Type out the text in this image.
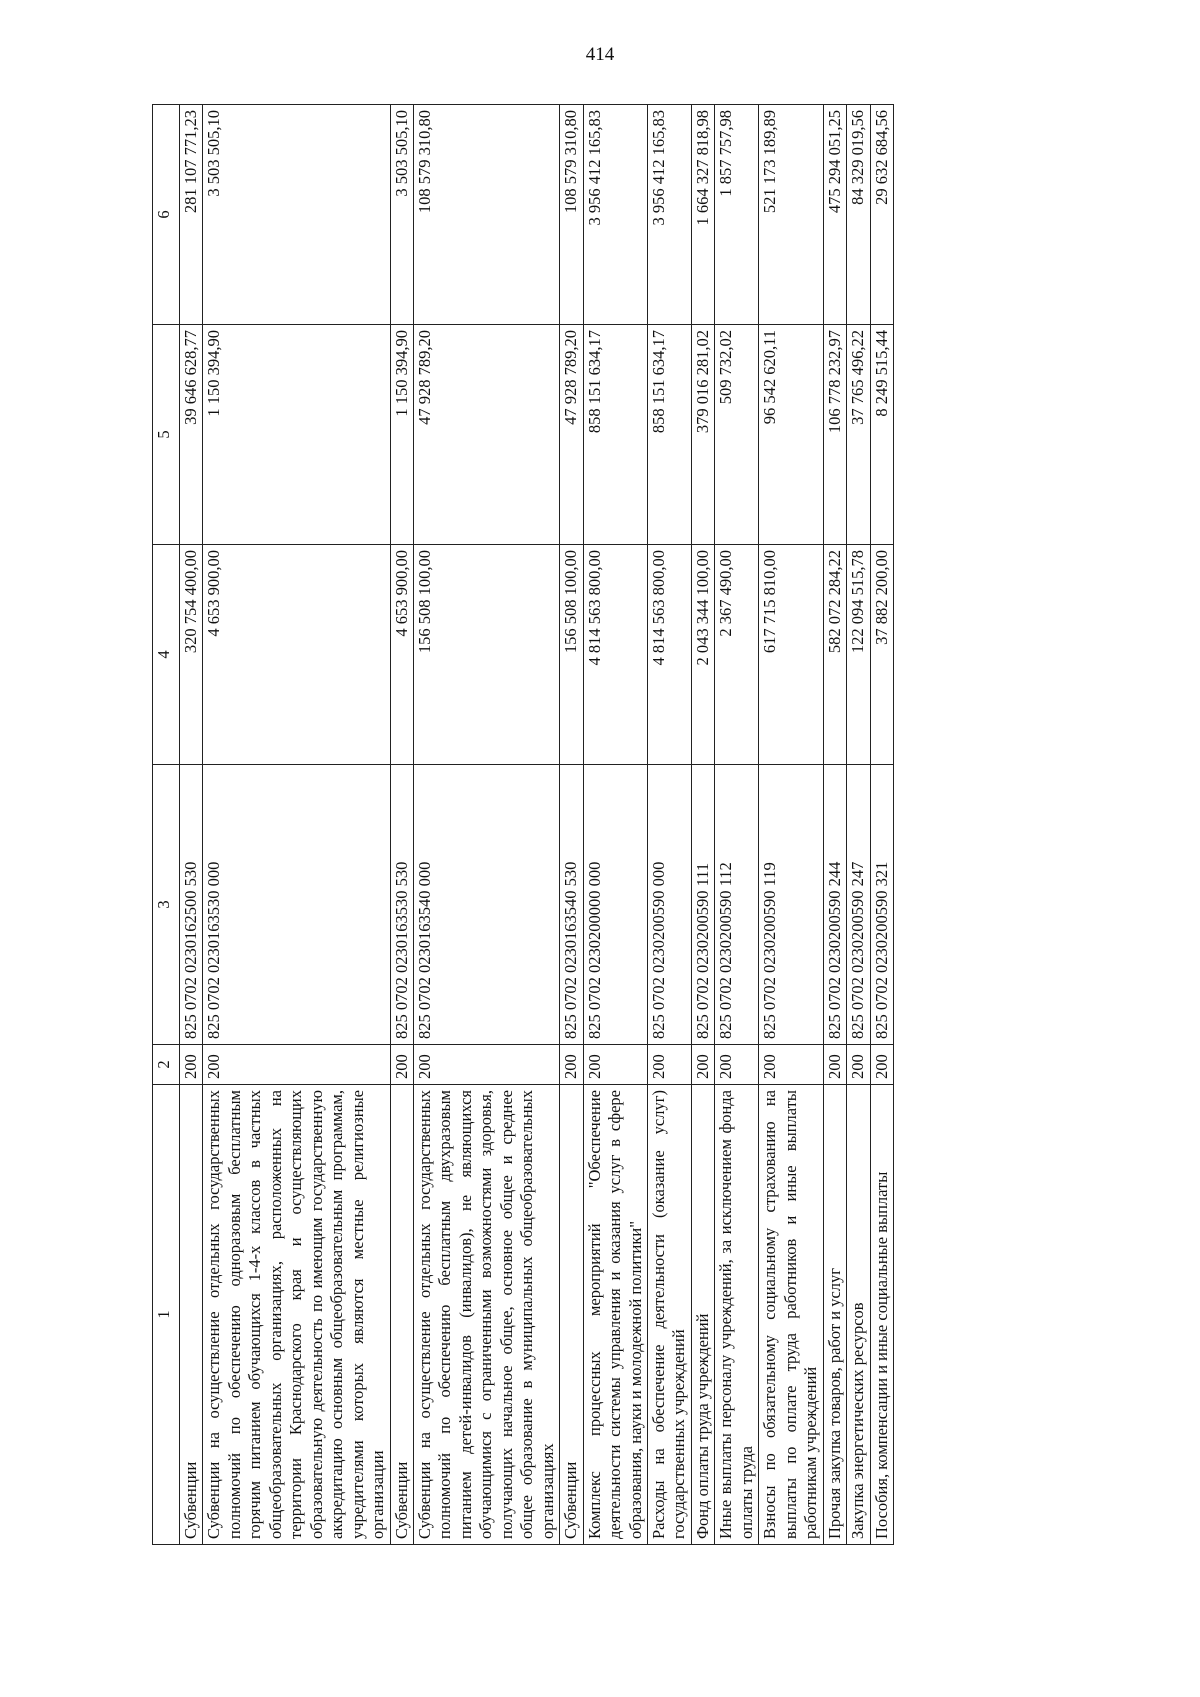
414
1	2	3	4	5	6
Субвенции	200	825 0702 0230162500 530	320 754 400,00	39 646 628,77	281 107 771,23
Субвенции на осуществление отдельных государственных полномочий по обеспечению одноразовым бесплатным горячим питанием обучающихся 1-4-х классов в частных общеобразовательных организациях, расположенных на территории Краснодарского края и осуществляющих образовательную деятельность по имеющим государственную аккредитацию основным общеобразовательным программам, учредителями которых являются местные религиозные организации	200	825 0702 0230163530 000	4 653 900,00	1 150 394,90	3 503 505,10
Субвенции	200	825 0702 0230163530 530	4 653 900,00	1 150 394,90	3 503 505,10
Субвенции на осуществление отдельных государственных полномочий по обеспечению бесплатным двухразовым питанием детей-инвалидов (инвалидов), не являющихся обучающимися с ограниченными возможностями здоровья, получающих начальное общее, основное общее и среднее общее образование в муниципальных общеобразовательных организациях	200	825 0702 0230163540 000	156 508 100,00	47 928 789,20	108 579 310,80
Субвенции	200	825 0702 0230163540 530	156 508 100,00	47 928 789,20	108 579 310,80
Комплекс процессных мероприятий "Обеспечение деятельности системы управления и оказания услуг в сфере образования, науки и молодежной политики"	200	825 0702 0230200000 000	4 814 563 800,00	858 151 634,17	3 956 412 165,83
Расходы на обеспечение деятельности (оказание услуг) государственных учреждений	200	825 0702 0230200590 000	4 814 563 800,00	858 151 634,17	3 956 412 165,83
Фонд оплаты труда учреждений	200	825 0702 0230200590 111	2 043 344 100,00	379 016 281,02	1 664 327 818,98
Иные выплаты персоналу учреждений, за исключением фонда оплаты труда	200	825 0702 0230200590 112	2 367 490,00	509 732,02	1 857 757,98
Взносы по обязательному социальному страхованию на выплаты по оплате труда работников и иные выплаты работникам учреждений	200	825 0702 0230200590 119	617 715 810,00	96 542 620,11	521 173 189,89
Прочая закупка товаров, работ и услуг	200	825 0702 0230200590 244	582 072 284,22	106 778 232,97	475 294 051,25
Закупка энергетических ресурсов	200	825 0702 0230200590 247	122 094 515,78	37 765 496,22	84 329 019,56
Пособия, компенсации и иные социальные выплаты	200	825 0702 0230200590 321	37 882 200,00	8 249 515,44	29 632 684,56
